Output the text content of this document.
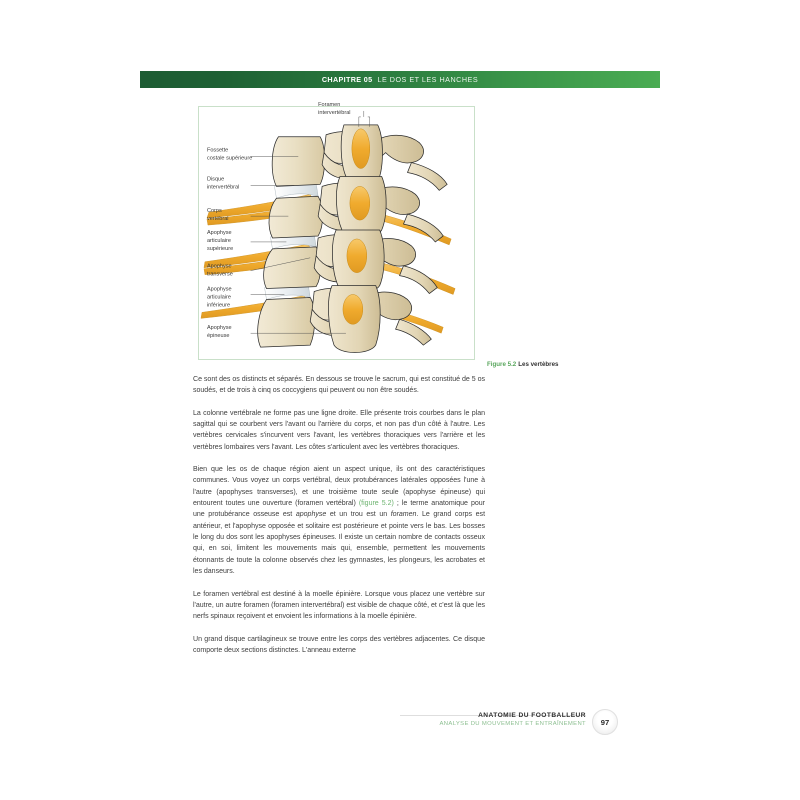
CHAPITRE 05 LE DOS ET LES HANCHES
Foramen
intervertébral
Fossette
costale supérieure
Disque
intervertébral
Corps
vertébral
Apophyse
articulaire
supérieure
Apophyse
transverse
Apophyse
articulaire
inférieure
Apophyse
épineuse
Figure 5.2 Les vertèbres

Ce sont des os distincts et séparés. En dessous se trouve le sacrum, qui est constitué de 5 os soudés, et de trois à cinq os coccygiens qui peuvent ou non être soudés.

La colonne vertébrale ne forme pas une ligne droite. Elle présente trois courbes dans le plan sagittal qui se courbent vers l'avant ou l'arrière du corps, et non pas d'un côté à l'autre. Les vertèbres cervicales s'incurvent vers l'avant, les vertèbres thoraciques vers l'arrière et les vertèbres lombaires vers l'avant. Les côtes s'articulent avec les vertèbres thoraciques.

Bien que les os de chaque région aient un aspect unique, ils ont des caractéristiques communes. Vous voyez un corps vertébral, deux protubérances latérales opposées l'une à l'autre (apophyses transverses), et une troisième toute seule (apophyse épineuse) qui entourent toutes une ouverture (foramen vertébral) (figure 5.2) ; le terme anatomique pour une protubérance osseuse est apophyse et un trou est un foramen. Le grand corps est antérieur, et l'apophyse opposée et solitaire est postérieure et pointe vers le bas. Les bosses le long du dos sont les apophyses épineuses. Il existe un certain nombre de contacts osseux qui, en soi, limitent les mouvements mais qui, ensemble, permettent les mouvements étonnants de toute la colonne observés chez les gymnastes, les plongeurs, les acrobates et les danseurs.

Le foramen vertébral est destiné à la moelle épinière. Lorsque vous placez une vertèbre sur l'autre, un autre foramen (foramen intervertébral) est visible de chaque côté, et c'est là que les nerfs spinaux reçoivent et envoient les informations à la moelle épinière.

Un grand disque cartilagineux se trouve entre les corps des vertèbres adjacentes. Ce disque comporte deux sections distinctes. L'anneau externe

ANATOMIE DU FOOTBALLEUR
ANALYSE DU MOUVEMENT ET ENTRAÎNEMENT 97
